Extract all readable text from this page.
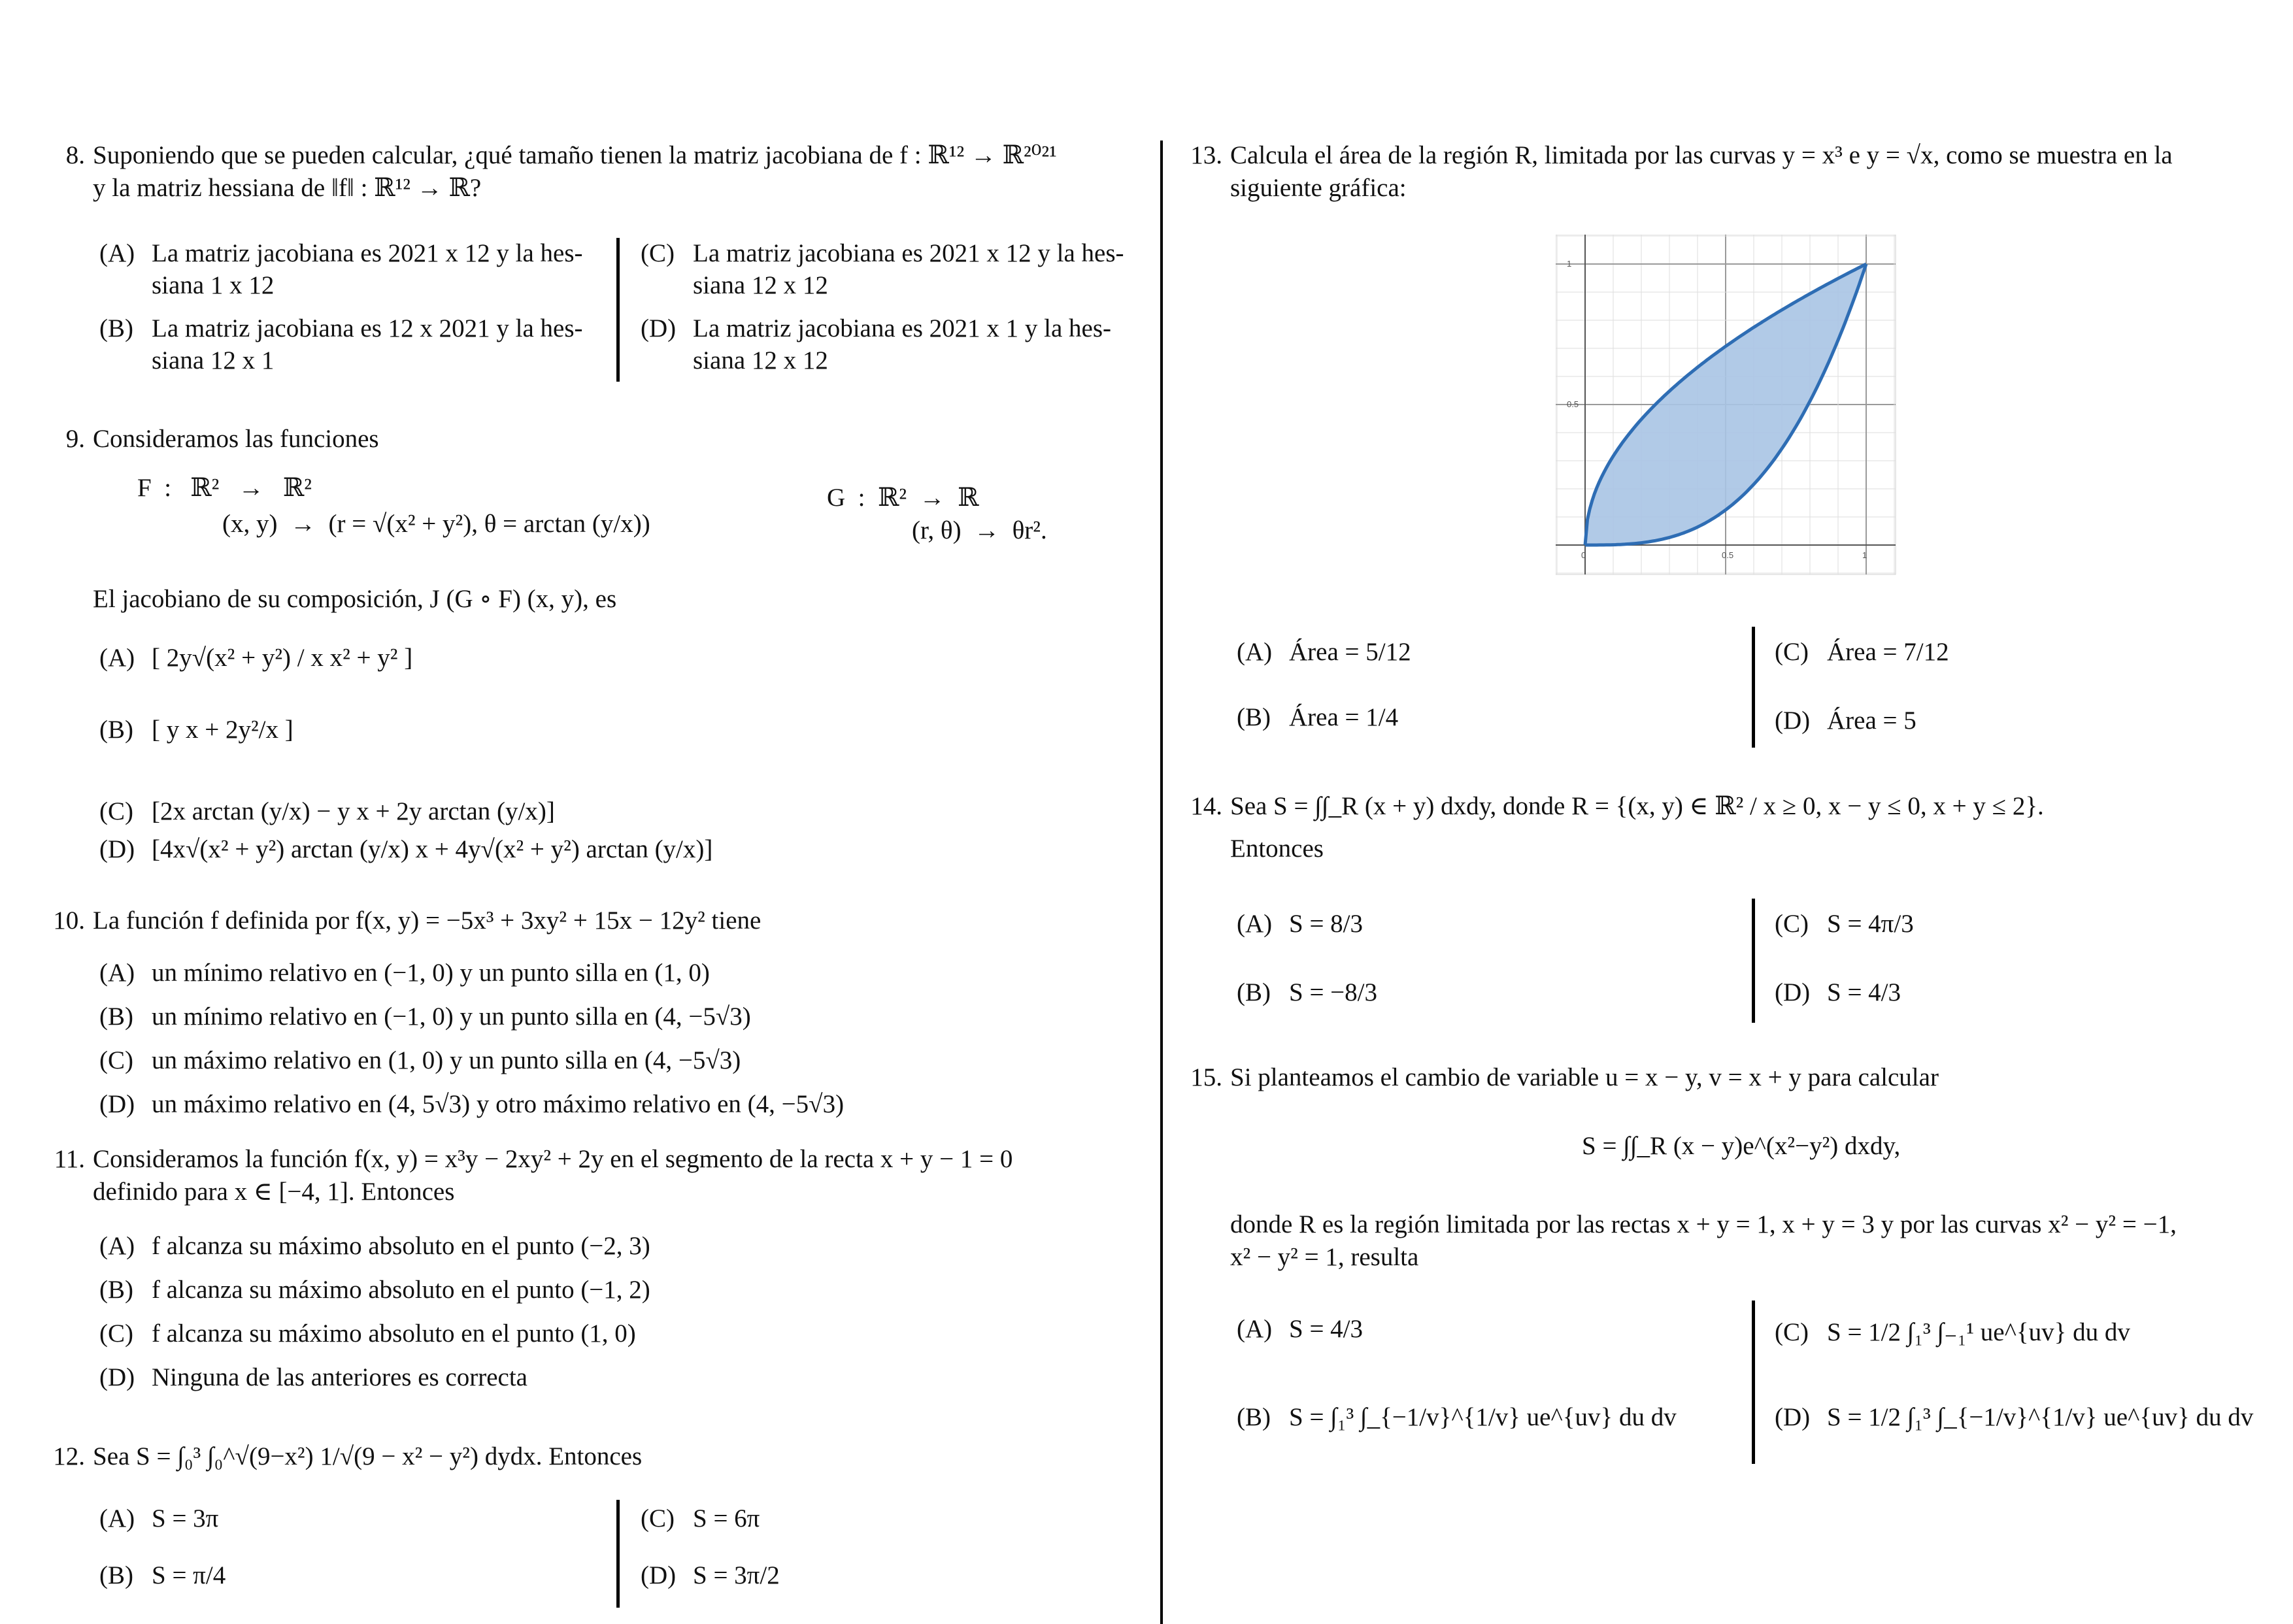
8. Suponiendo que se pueden calcular, ¿qué tamaño tienen la matriz jacobiana de f : ℝ¹² → ℝ²⁰²¹
y la matriz hessiana de ‖f‖ : ℝ¹² → ℝ?
(A) La matriz jacobiana es 2021 x 12 y la hes-
siana 1 x 12
(B) La matriz jacobiana es 12 x 2021 y la hes-
siana 12 x 1
(C) La matriz jacobiana es 2021 x 12 y la hes-
siana 12 x 12
(D) La matriz jacobiana es 2021 x 1 y la hes-
siana 12 x 12
9. Consideramos las funciones
F  :   ℝ²   →   ℝ²
(x, y)  →  (r = √(x² + y²), θ = arctan (y/x))
G  :  ℝ²  →  ℝ
(r, θ)  →  θr².
El jacobiano de su composición, J (G ∘ F) (x, y), es
(A) [ 2y√(x² + y²) / x x² + y² ]
(B) [ y x + 2y²/x ]
(C) [2x arctan (y/x) − y x + 2y arctan (y/x)]
(D) [4x√(x² + y²) arctan (y/x) x + 4y√(x² + y²) arctan (y/x)]
10. La función f definida por f(x, y) = −5x³ + 3xy² + 15x − 12y² tiene
(A) un mínimo relativo en (−1, 0) y un punto silla en (1, 0)
(B) un mínimo relativo en (−1, 0) y un punto silla en (4, −5√3)
(C) un máximo relativo en (1, 0) y un punto silla en (4, −5√3)
(D) un máximo relativo en (4, 5√3) y otro máximo relativo en (4, −5√3)
11. Consideramos la función f(x, y) = x³y − 2xy² + 2y en el segmento de la recta x + y − 1 = 0
definido para x ∈ [−4, 1]. Entonces
(A) f alcanza su máximo absoluto en el punto (−2, 3)
(B) f alcanza su máximo absoluto en el punto (−1, 2)
(C) f alcanza su máximo absoluto en el punto (1, 0)
(D) Ninguna de las anteriores es correcta
12. Sea S = ∫₀³ ∫₀^√(9−x²) 1/√(9 − x² − y²) dydx. Entonces
(A) S = 3π
(B) S = π/4
(C) S = 6π
(D) S = 3π/2
13. Calcula el área de la región R, limitada por las curvas y = x³ e y = √x, como se muestra en la
siguiente gráfica:
0	0.5	1
0.5
1
(A) Área = 5/12
(B) Área = 1/4
(C) Área = 7/12
(D) Área = 5
14. Sea S = ∫∫_R (x + y) dxdy, donde R = {(x, y) ∈ ℝ² / x ≥ 0, x − y ≤ 0, x + y ≤ 2}.
Entonces
(A) S = 8/3
(B) S = −8/3
(C) S = 4π/3
(D) S = 4/3
15. Si planteamos el cambio de variable u = x − y, v = x + y para calcular
S = ∫∫_R (x − y)e^(x²−y²) dxdy,
donde R es la región limitada por las rectas x + y = 1, x + y = 3 y por las curvas x² − y² = −1,
x² − y² = 1, resulta
(A) S = 4/3
(B) S = ∫₁³ ∫_{−1/v}^{1/v} ue^{uv} du dv
(C) S = 1/2 ∫₁³ ∫₋₁¹ ue^{uv} du dv
(D) S = 1/2 ∫₁³ ∫_{−1/v}^{1/v} ue^{uv} du dv
